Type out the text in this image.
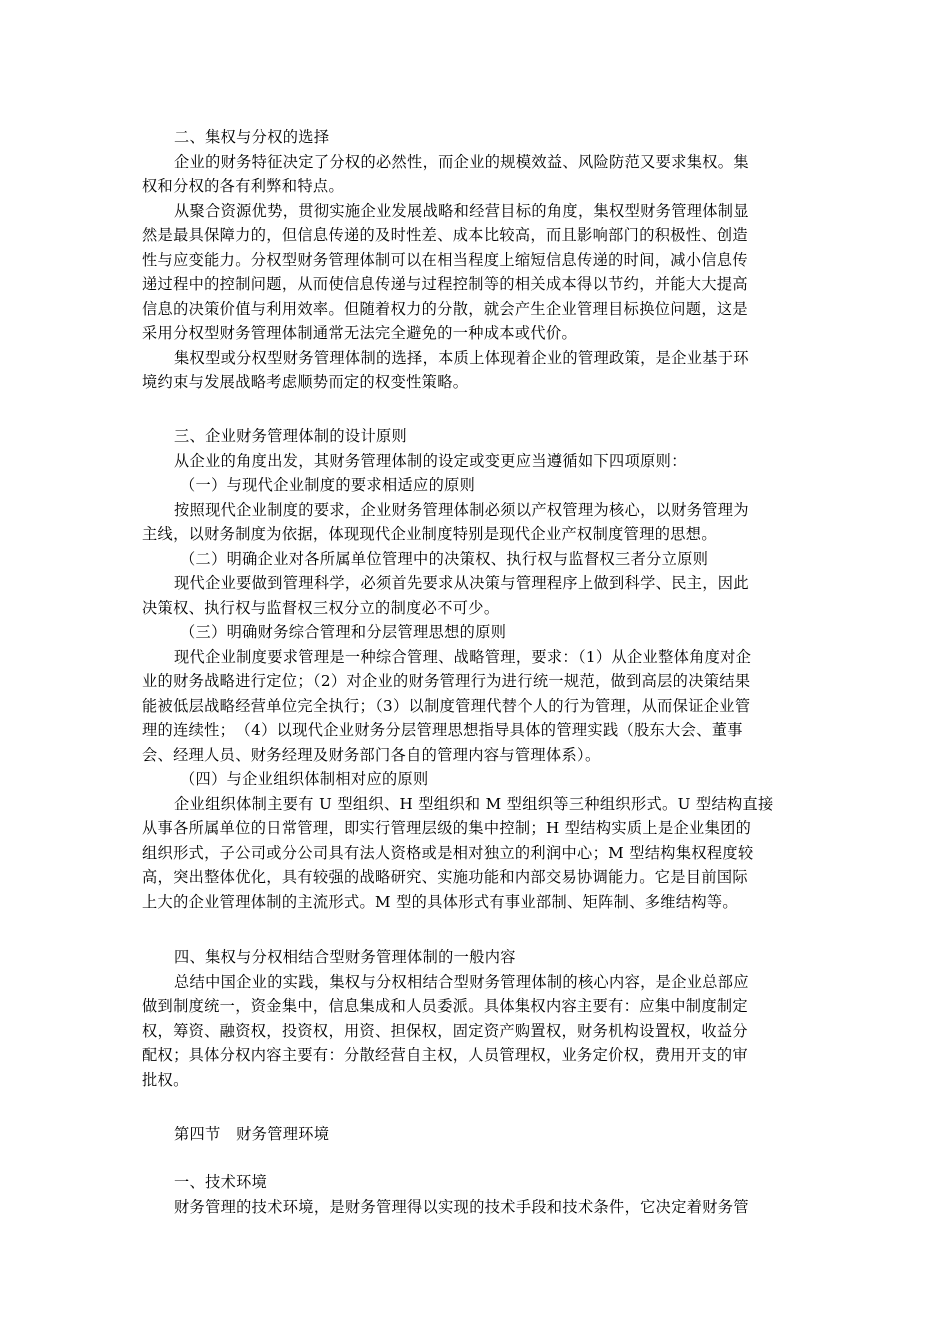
二、集权与分权的选择
企业的财务特征决定了分权的必然性，而企业的规模效益、风险防范又要求集权。集
权和分权的各有利弊和特点。
从聚合资源优势，贯彻实施企业发展战略和经营目标的角度，集权型财务管理体制显
然是最具保障力的，但信息传递的及时性差、成本比较高，而且影响部门的积极性、创造
性与应变能力。分权型财务管理体制可以在相当程度上缩短信息传递的时间，减小信息传
递过程中的控制问题，从而使信息传递与过程控制等的相关成本得以节约，并能大大提高
信息的决策价值与利用效率。但随着权力的分散，就会产生企业管理目标换位问题，这是
采用分权型财务管理体制通常无法完全避免的一种成本或代价。
集权型或分权型财务管理体制的选择，本质上体现着企业的管理政策，是企业基于环
境约束与发展战略考虑顺势而定的权变性策略。
三、企业财务管理体制的设计原则
从企业的角度出发，其财务管理体制的设定或变更应当遵循如下四项原则：
（一）与现代企业制度的要求相适应的原则
按照现代企业制度的要求，企业财务管理体制必须以产权管理为核心，以财务管理为
主线，以财务制度为依据，体现现代企业制度特别是现代企业产权制度管理的思想。
（二）明确企业对各所属单位管理中的决策权、执行权与监督权三者分立原则
现代企业要做到管理科学，必须首先要求从决策与管理程序上做到科学、民主，因此
决策权、执行权与监督权三权分立的制度必不可少。
（三）明确财务综合管理和分层管理思想的原则
现代企业制度要求管理是一种综合管理、战略管理，要求：（1）从企业整体角度对企
业的财务战略进行定位；（2）对企业的财务管理行为进行统一规范，做到高层的决策结果
能被低层战略经营单位完全执行；（3）以制度管理代替个人的行为管理，从而保证企业管
理的连续性；　（4）以现代企业财务分层管理思想指导具体的管理实践（股东大会、董事
会、经理人员、财务经理及财务部门各自的管理内容与管理体系）。
（四）与企业组织体制相对应的原则
企业组织体制主要有 U 型组织、H 型组织和 M 型组织等三种组织形式。U 型结构直接
从事各所属单位的日常管理，即实行管理层级的集中控制；H 型结构实质上是企业集团的
组织形式，子公司或分公司具有法人资格或是相对独立的利润中心；M 型结构集权程度较
高，突出整体优化，具有较强的战略研究、实施功能和内部交易协调能力。它是目前国际
上大的企业管理体制的主流形式。M 型的具体形式有事业部制、矩阵制、多维结构等。
四、集权与分权相结合型财务管理体制的一般内容
总结中国企业的实践，集权与分权相结合型财务管理体制的核心内容，是企业总部应
做到制度统一，资金集中，信息集成和人员委派。具体集权内容主要有：应集中制度制定
权，筹资、融资权，投资权，用资、担保权，固定资产购置权，财务机构设置权，收益分
配权；具体分权内容主要有：分散经营自主权，人员管理权，业务定价权，费用开支的审
批权。
第四节　财务管理环境
一、技术环境
财务管理的技术环境，是财务管理得以实现的技术手段和技术条件，它决定着财务管
